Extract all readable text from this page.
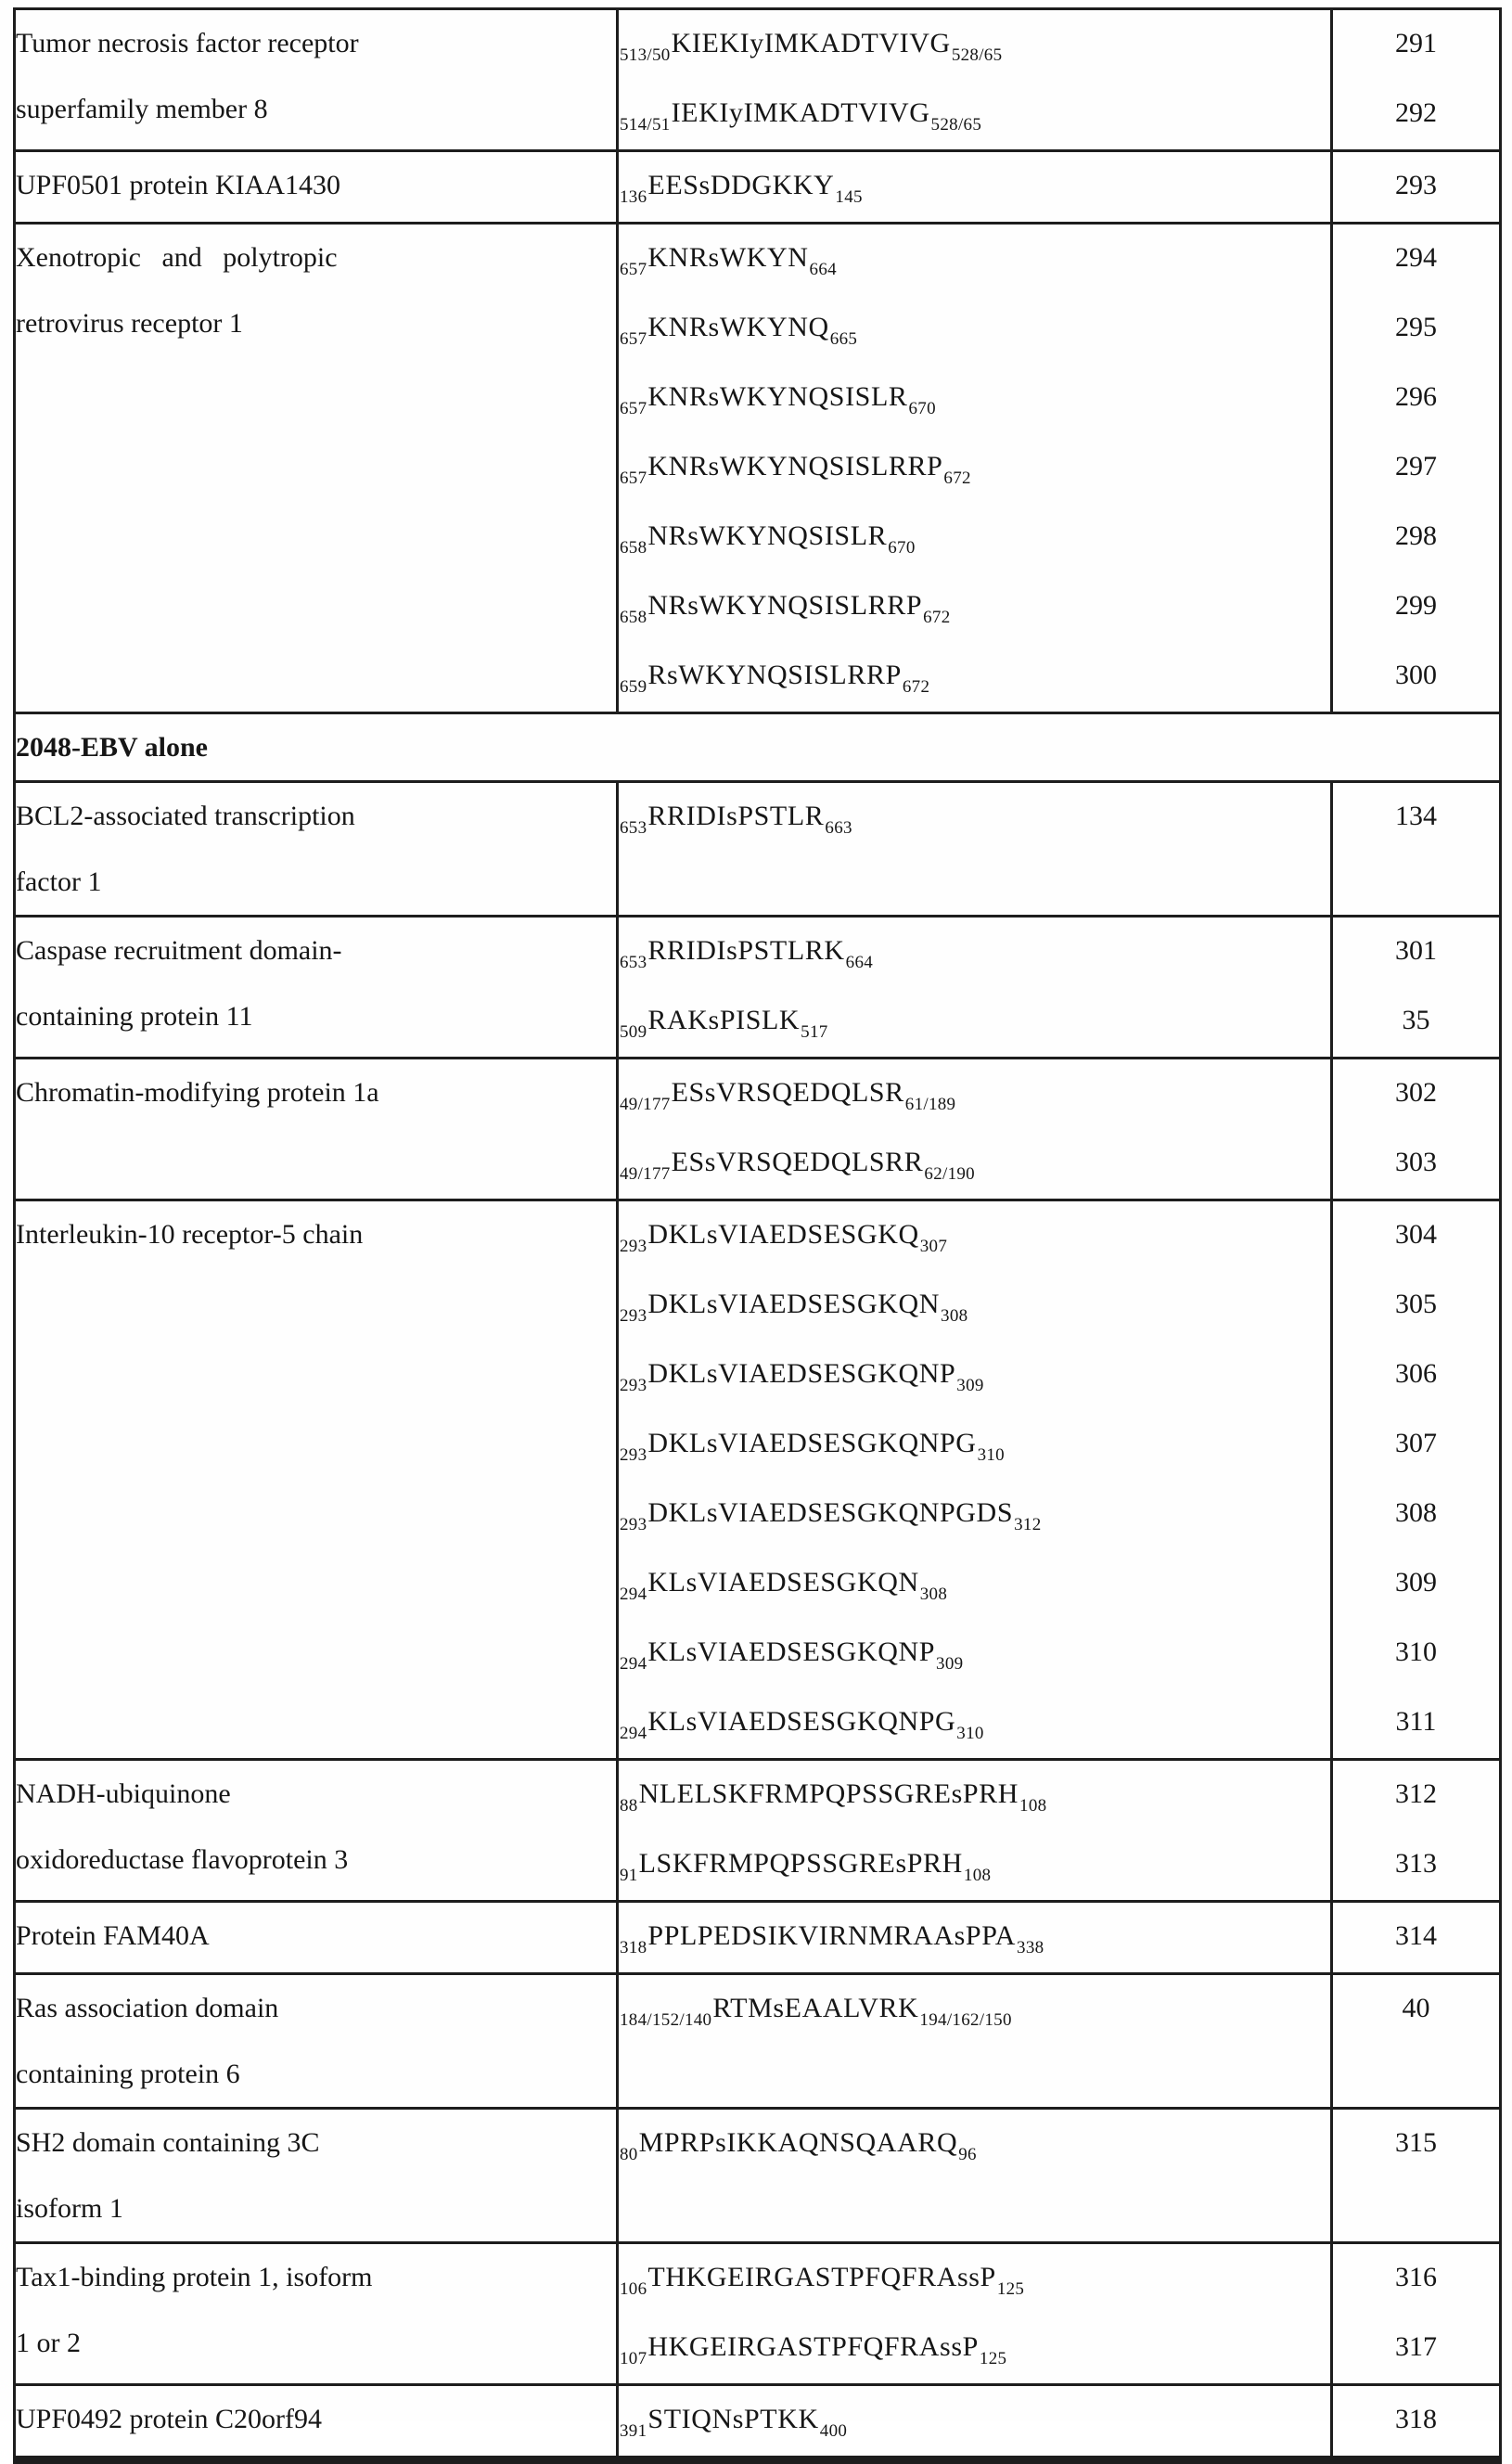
Tumor necrosis factor receptor
superfamily member 8	$_{513/50}$KIEKIyIMKADTVIVG$_{528/65}$	291
	$_{514/51}$IEKIyIMKADTVIVG$_{528/65}$	292

UPF0501 protein KIAA1430	$_{136}$EESsDDGKKY$_{145}$	293

Xenotropic   and   polytropic
retrovirus receptor 1	$_{657}$KNRsWKYN$_{664}$	294
	$_{657}$KNRsWKYNQ$_{665}$	295
	$_{657}$KNRsWKYNQSISLR$_{670}$	296
	$_{657}$KNRsWKYNQSISLRRP$_{672}$	297
	$_{658}$NRsWKYNQSISLR$_{670}$	298
	$_{658}$NRsWKYNQSISLRRP$_{672}$	299
	$_{659}$RsWKYNQSISLRRP$_{672}$	300
2048-EBV alone		

BCL2-associated transcription
factor 1	$_{653}$RRIDIsPSTLR$_{663}$	134

Caspase recruitment domain-
containing protein 11	$_{653}$RRIDIsPSTLRK$_{664}$	301
	$_{509}$RAKsPISLK$_{517}$	35

Chromatin-modifying protein 1a	$_{49/177}$ESsVRSQEDQLSR$_{61/189}$	302
	$_{49/177}$ESsVRSQEDQLSRR$_{62/190}$	303

Interleukin-10 receptor-5 chain	$_{293}$DKLsVIAEDSESGKQ$_{307}$	304
	$_{293}$DKLsVIAEDSESGKQN$_{308}$	305
	$_{293}$DKLsVIAEDSESGKQNP$_{309}$	306
	$_{293}$DKLsVIAEDSESGKQNPG$_{310}$	307
	$_{293}$DKLsVIAEDSESGKQNPGDS$_{312}$	308
	$_{294}$KLsVIAEDSESGKQN$_{308}$	309
	$_{294}$KLsVIAEDSESGKQNP$_{309}$	310
	$_{294}$KLsVIAEDSESGKQNPG$_{310}$	311

NADH-ubiquinone
oxidoreductase flavoprotein 3	$_{88}$NLELSKFRMPQPSSGREsPRH$_{108}$	312
	$_{91}$LSKFRMPQPSSGREsPRH$_{108}$	313

Protein FAM40A	$_{318}$PPLPEDSIKVIRNMRAAsPPA$_{338}$	314

Ras association domain
containing protein 6	$_{184/152/140}$RTMsEAALVRK$_{194/162/150}$	40

SH2 domain containing 3C
isoform 1	$_{80}$MPRPsIKKAQNSQAARQ$_{96}$	315

Tax1-binding protein 1, isoform
1 or 2	$_{106}$THKGEIRGASTPFQFRAssP$_{125}$	316
	$_{107}$HKGEIRGASTPFQFRAssP$_{125}$	317

UPF0492 protein C20orf94	$_{391}$STIQNsPTKK$_{400}$	318
